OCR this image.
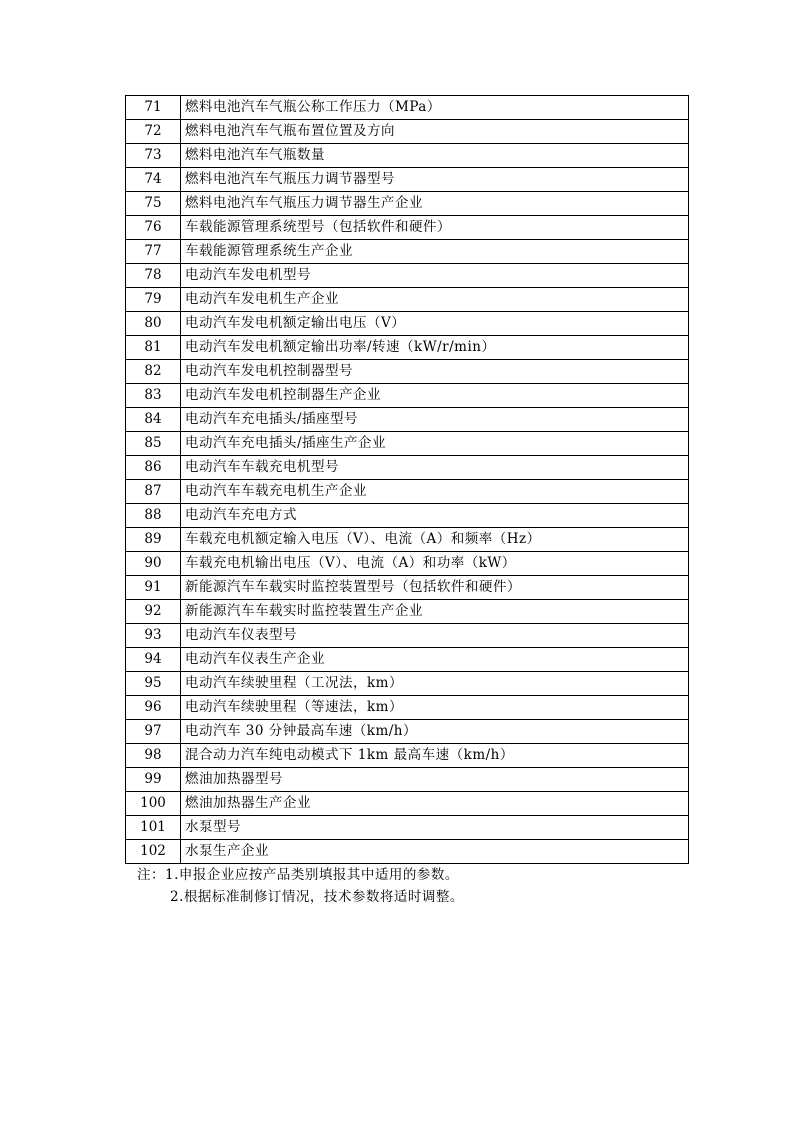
71	燃料电池汽车气瓶公称工作压力（MPa）
72	燃料电池汽车气瓶布置位置及方向
73	燃料电池汽车气瓶数量
74	燃料电池汽车气瓶压力调节器型号
75	燃料电池汽车气瓶压力调节器生产企业
76	车载能源管理系统型号（包括软件和硬件）
77	车载能源管理系统生产企业
78	电动汽车发电机型号
79	电动汽车发电机生产企业
80	电动汽车发电机额定输出电压（V）
81	电动汽车发电机额定输出功率/转速（kW/r/min）
82	电动汽车发电机控制器型号
83	电动汽车发电机控制器生产企业
84	电动汽车充电插头/插座型号
85	电动汽车充电插头/插座生产企业
86	电动汽车车载充电机型号
87	电动汽车车载充电机生产企业
88	电动汽车充电方式
89	车载充电机额定输入电压（V）、电流（A）和频率（Hz）
90	车载充电机输出电压（V）、电流（A）和功率（kW）
91	新能源汽车车载实时监控装置型号（包括软件和硬件）
92	新能源汽车车载实时监控装置生产企业
93	电动汽车仪表型号
94	电动汽车仪表生产企业
95	电动汽车续驶里程（工况法，km）
96	电动汽车续驶里程（等速法，km）
97	电动汽车 30 分钟最高车速（km/h）
98	混合动力汽车纯电动模式下 1km 最高车速（km/h）
99	燃油加热器型号
100	燃油加热器生产企业
101	水泵型号
102	水泵生产企业
注：1.申报企业应按产品类别填报其中适用的参数。
2.根据标准制修订情况，技术参数将适时调整。
